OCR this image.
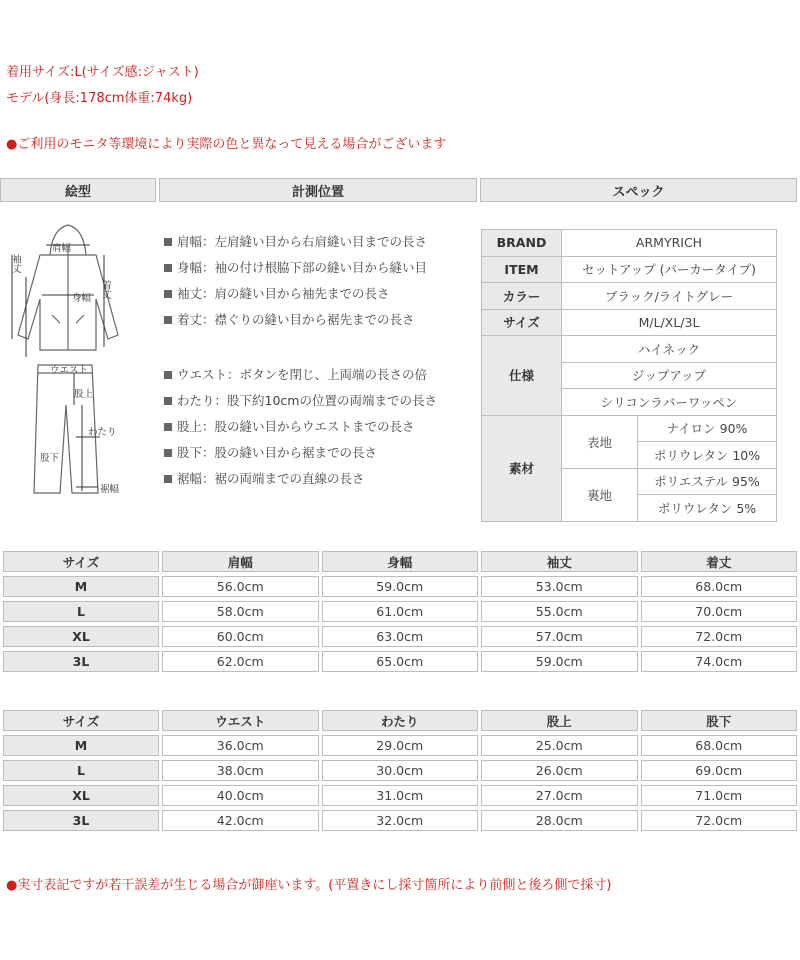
着用サイズ:L(サイズ感:ジャスト)
モデル(身長:178cm体重:74kg)
●ご利用のモニタ等環境により実際の色と異なって見える場合がございます
絵型	計測位置	スペック
肩幅
袖丈
身幅 着丈
ウエスト
股上
わたり
股下
裾幅
肩幅：左肩縫い目から右肩縫い目までの長さ
身幅：袖の付け根脇下部の縫い目から縫い目
袖丈：肩の縫い目から袖先までの長さ
着丈：襟ぐりの縫い目から裾先までの長さ
ウエスト：ボタンを閉じ、上両端の長さの倍
わたり：股下約10cmの位置の両端までの長さ
股上：股の縫い目からウエストまでの長さ
股下：股の縫い目から裾までの長さ
裾幅：裾の両端までの直線の長さ
BRAND	ARMYRICH	
ITEM	セットアップ (パーカータイプ)	
カラー	ブラック/ライトグレー	
サイズ	M/L/XL/3L	
仕様	ハイネック	
	ジップアップ	
	シリコンラバーワッペン	
素材	表地	ナイロン 90%
		ポリウレタン 10%
	裏地	ポリエステル 95%
		ポリウレタン 5%
サイズ	肩幅	身幅	袖丈	着丈
M	56.0cm	59.0cm	53.0cm	68.0cm
L	58.0cm	61.0cm	55.0cm	70.0cm
XL	60.0cm	63.0cm	57.0cm	72.0cm
3L	62.0cm	65.0cm	59.0cm	74.0cm
サイズ	ウエスト	わたり	股上	股下
M	36.0cm	29.0cm	25.0cm	68.0cm
L	38.0cm	30.0cm	26.0cm	69.0cm
XL	40.0cm	31.0cm	27.0cm	71.0cm
3L	42.0cm	32.0cm	28.0cm	72.0cm
●実寸表記ですが若干誤差が生じる場合が御座います。(平置きにし採寸箇所により前側と後ろ側で採寸)
